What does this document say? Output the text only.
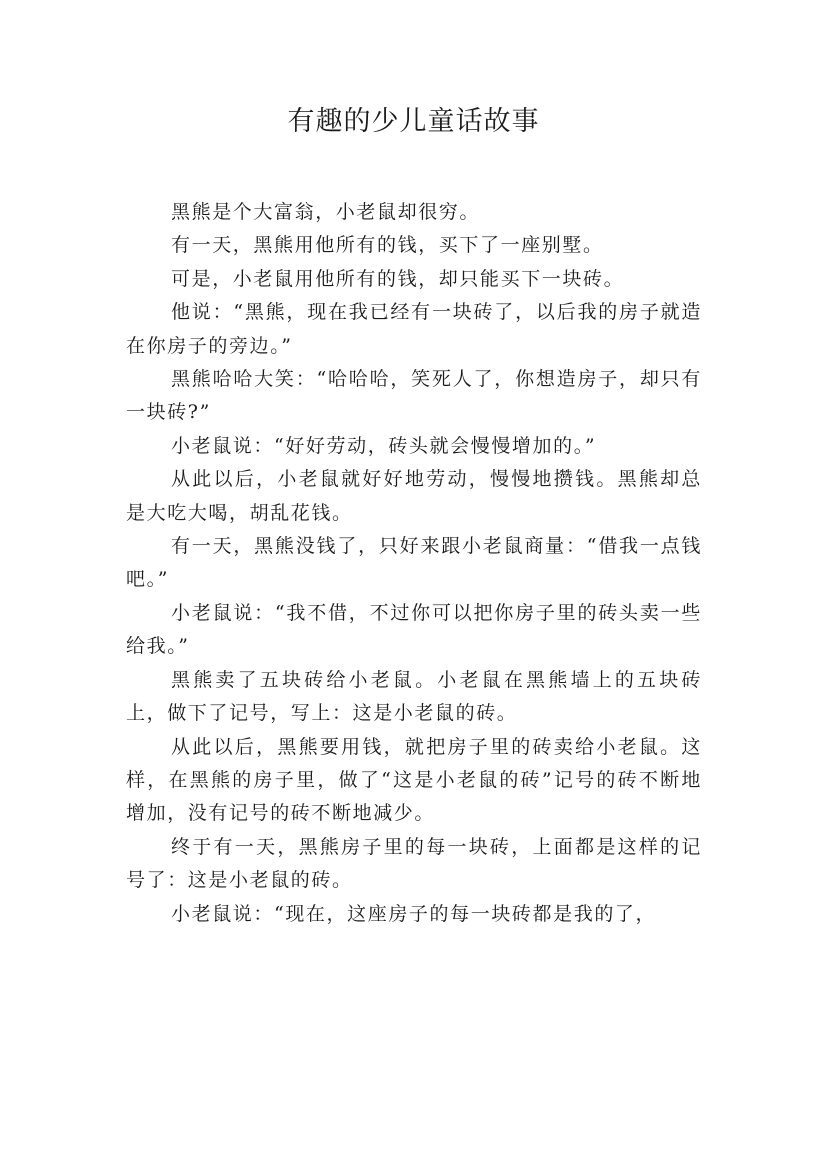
有趣的少儿童话故事

黑熊是个大富翁，小老鼠却很穷。

有一天，黑熊用他所有的钱，买下了一座别墅。

可是，小老鼠用他所有的钱，却只能买下一块砖。

他说：“黑熊，现在我已经有一块砖了，以后我的房子就造在你房子的旁边。”

黑熊哈哈大笑：“哈哈哈，笑死人了，你想造房子，却只有一块砖?”

小老鼠说：“好好劳动，砖头就会慢慢增加的。”

从此以后，小老鼠就好好地劳动，慢慢地攒钱。黑熊却总是大吃大喝，胡乱花钱。

有一天，黑熊没钱了，只好来跟小老鼠商量：“借我一点钱吧。”

小老鼠说：“我不借，不过你可以把你房子里的砖头卖一些给我。”

黑熊卖了五块砖给小老鼠。小老鼠在黑熊墙上的五块砖上，做下了记号，写上：这是小老鼠的砖。

从此以后，黑熊要用钱，就把房子里的砖卖给小老鼠。这样，在黑熊的房子里，做了“这是小老鼠的砖”记号的砖不断地增加，没有记号的砖不断地减少。

终于有一天，黑熊房子里的每一块砖，上面都是这样的记号了：这是小老鼠的砖。

小老鼠说：“现在，这座房子的每一块砖都是我的了，
